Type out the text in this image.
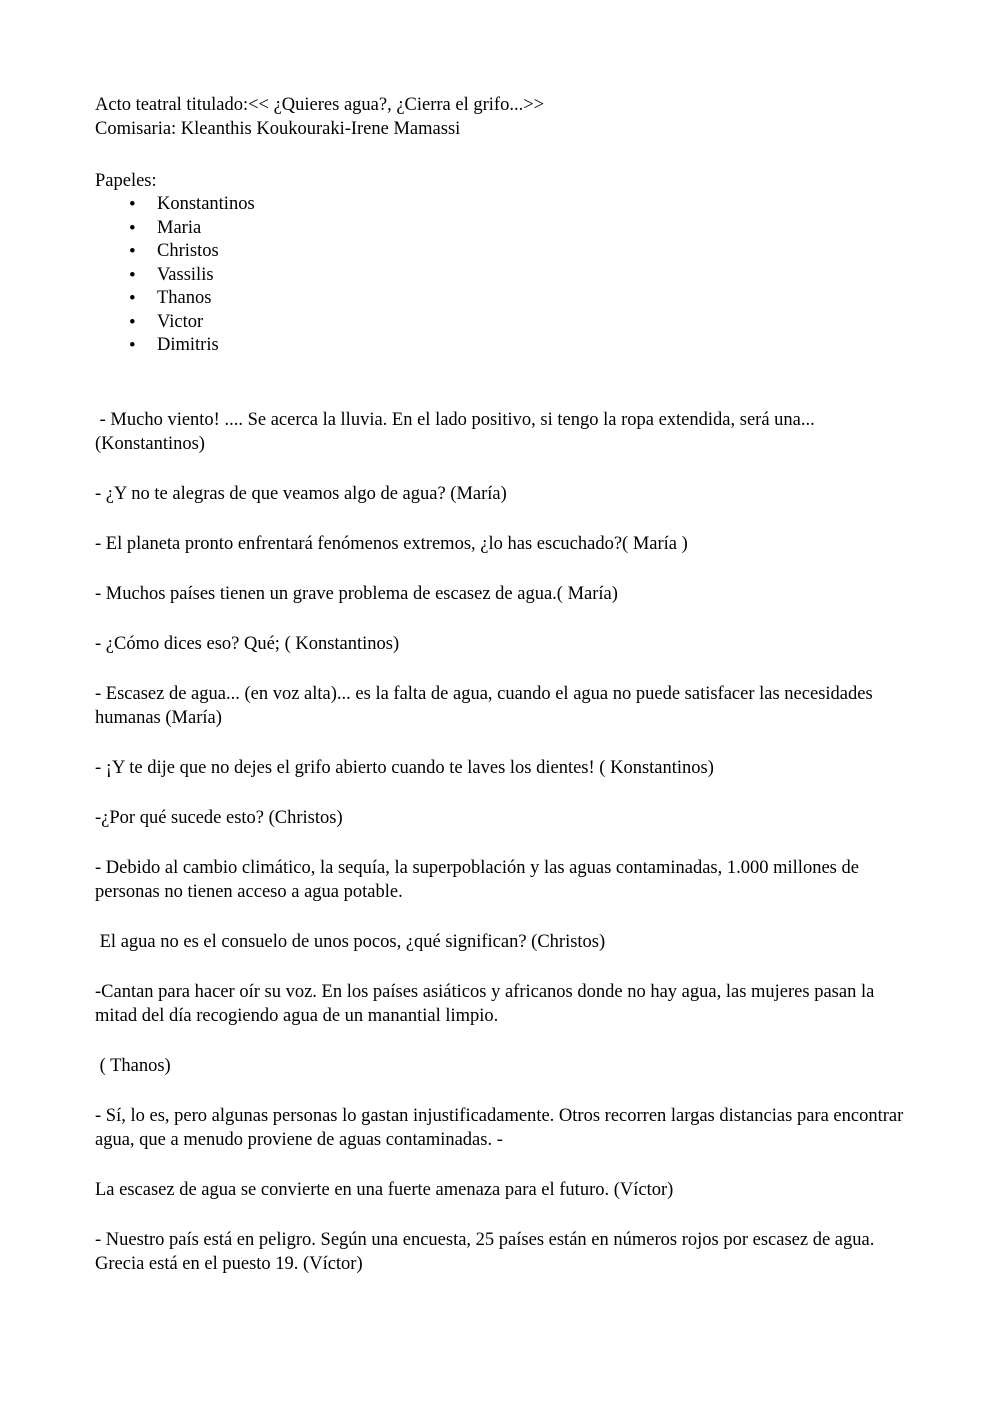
Acto teatral titulado:<< ¿Quieres agua?, ¿Cierra el grifo...>>

Comisaria: Kleanthis Koukouraki-Irene Mamassi

Papeles:

• Konstantinos
• Maria
• Christos
• Vassilis
• Thanos
• Victor
• Dimitris

- Mucho viento! .... Se acerca la lluvia. En el lado positivo, si tengo la ropa extendida, será una... (Konstantinos)

- ¿Y no te alegras de que veamos algo de agua? (María)

- El planeta pronto enfrentará fenómenos extremos, ¿lo has escuchado?( María )

- Muchos países tienen un grave problema de escasez de agua.( María)

- ¿Cómo dices eso? Qué; ( Konstantinos)

- Escasez de agua... (en voz alta)... es la falta de agua, cuando el agua no puede satisfacer las necesidades humanas (María)

- ¡Y te dije que no dejes el grifo abierto cuando te laves los dientes! ( Konstantinos)

-¿Por qué sucede esto? (Christos)

- Debido al cambio climático, la sequía, la superpoblación y las aguas contaminadas, 1.000 millones de personas no tienen acceso a agua potable.

El agua no es el consuelo de unos pocos, ¿qué significan? (Christos)

-Cantan para hacer oír su voz. En los países asiáticos y africanos donde no hay agua, las mujeres pasan la mitad del día recogiendo agua de un manantial limpio.

( Thanos)

- Sí, lo es, pero algunas personas lo gastan injustificadamente. Otros recorren largas distancias para encontrar agua, que a menudo proviene de aguas contaminadas. -

La escasez de agua se convierte en una fuerte amenaza para el futuro. (Víctor)

- Nuestro país está en peligro. Según una encuesta, 25 países están en números rojos por escasez de agua. Grecia está en el puesto 19. (Víctor)
